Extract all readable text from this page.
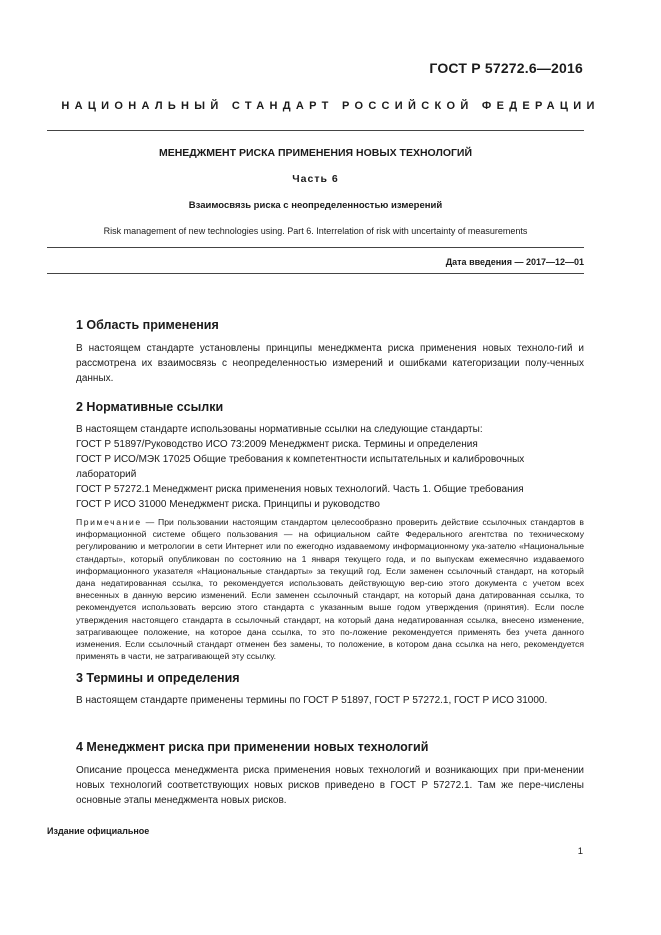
ГОСТ Р 57272.6—2016
НАЦИОНАЛЬНЫЙ СТАНДАРТ РОССИЙСКОЙ ФЕДЕРАЦИИ
МЕНЕДЖМЕНТ РИСКА ПРИМЕНЕНИЯ НОВЫХ ТЕХНОЛОГИЙ
Часть 6
Взаимосвязь риска с неопределенностью измерений
Risk management of new technologies using. Part 6. Interrelation of risk with uncertainty of measurements
Дата введения — 2017—12—01
1 Область применения
В настоящем стандарте установлены принципы менеджмента риска применения новых техноло-гий и рассмотрена их взаимосвязь с неопределенностью измерений и ошибками категоризации полу-ченных данных.
2 Нормативные ссылки
В настоящем стандарте использованы нормативные ссылки на следующие стандарты:
ГОСТ Р 51897/Руководство ИСО 73:2009 Менеджмент риска. Термины и определения
ГОСТ Р ИСО/МЭК 17025 Общие требования к компетентности испытательных и калибровочных лабораторий
ГОСТ Р 57272.1 Менеджмент риска применения новых технологий. Часть 1. Общие требования
ГОСТ Р ИСО 31000 Менеджмент риска. Принципы и руководство
Примечание — При пользовании настоящим стандартом целесообразно проверить действие ссылочных стандартов в информационной системе общего пользования — на официальном сайте Федерального агентства по техническому регулированию и метрологии в сети Интернет или по ежегодно издаваемому информационному ука-зателю «Национальные стандарты», который опубликован по состоянию на 1 января текущего года, и по выпускам ежемесячно издаваемого информационного указателя «Национальные стандарты» за текущий год. Если заменен ссылочный стандарт, на который дана недатированная ссылка, то рекомендуется использовать действующую вер-сию этого документа с учетом всех внесенных в данную версию изменений. Если заменен ссылочный стандарт, на который дана датированная ссылка, то рекомендуется использовать версию этого стандарта с указанным выше годом утверждения (принятия). Если после утверждения настоящего стандарта в ссылочный стандарт, на который дана недатированная ссылка, внесено изменение, затрагивающее положение, на которое дана ссылка, то это по-ложение рекомендуется применять без учета данного изменения. Если ссылочный стандарт отменен без замены, то положение, в котором дана ссылка на него, рекомендуется применять в части, не затрагивающей эту ссылку.
3 Термины и определения
В настоящем стандарте применены термины по ГОСТ Р 51897, ГОСТ Р 57272.1, ГОСТ Р ИСО 31000.
4 Менеджмент риска при применении новых технологий
Описание процесса менеджмента риска применения новых технологий и возникающих при при-менении новых технологий соответствующих новых рисков приведено в ГОСТ Р 57272.1. Там же пере-числены основные этапы менеджмента новых рисков.
Издание официальное
1
